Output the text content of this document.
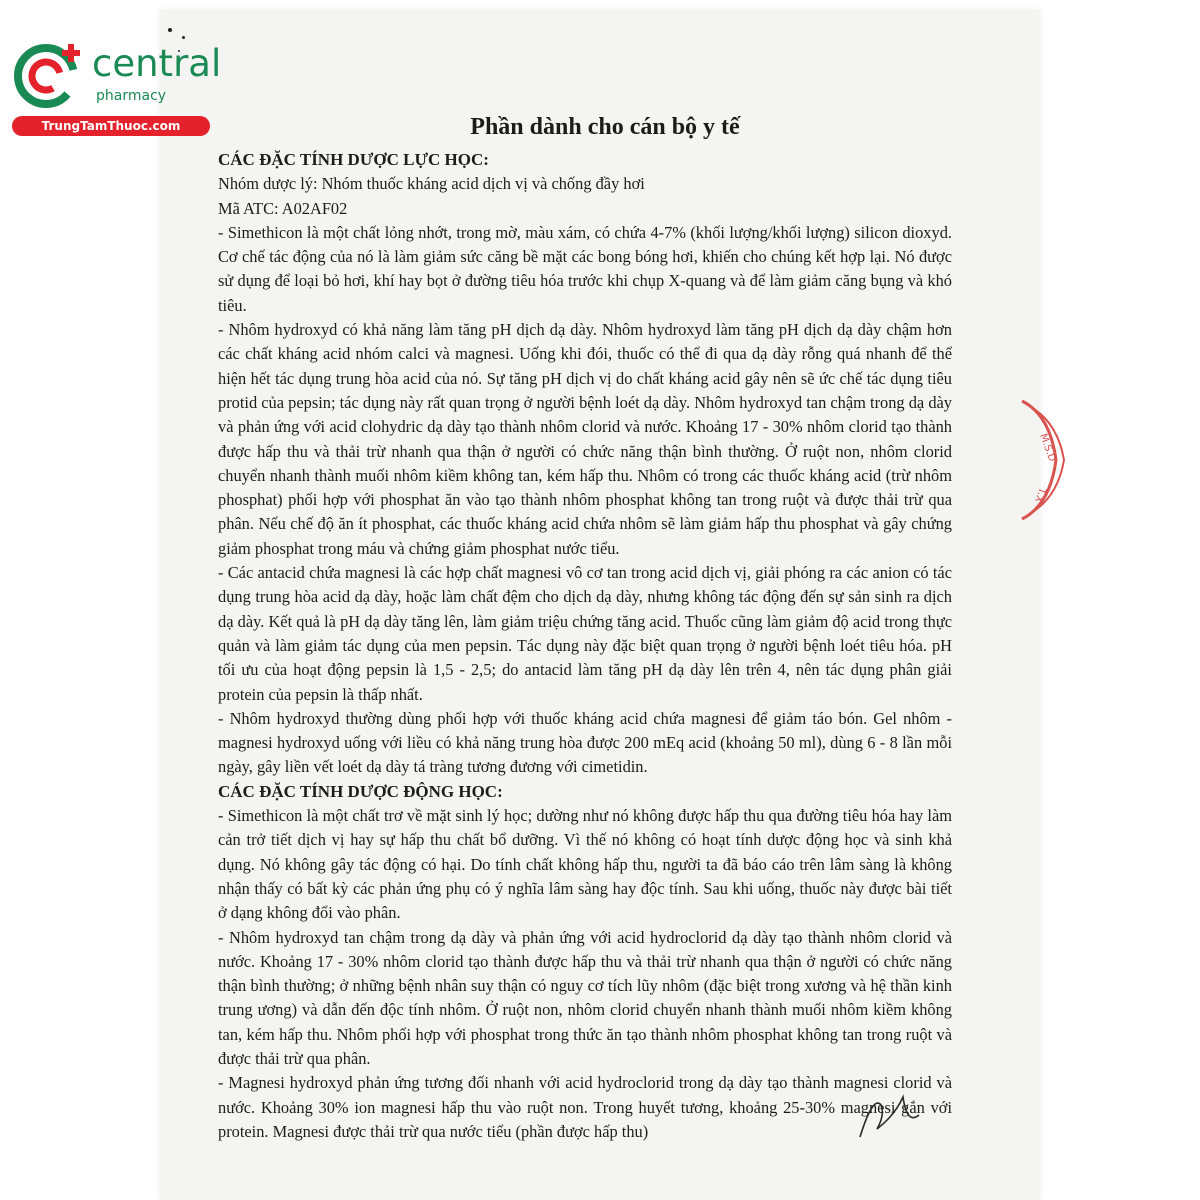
central
pharmacy
TrungTamThuoc.com
M.S.D
T.X
Phần dành cho cán bộ y tế
CÁC ĐẶC TÍNH DƯỢC LỰC HỌC:
Nhóm dược lý: Nhóm thuốc kháng acid dịch vị và chống đầy hơi
Mã ATC: A02AF02

- Simethicon là một chất lỏng nhớt, trong mờ, màu xám, có chứa 4-7% (khối lượng/khối lượng) silicon dioxyd. Cơ chế tác động của nó là làm giảm sức căng bề mặt các bong bóng hơi, khiến cho chúng kết hợp lại. Nó được sử dụng để loại bỏ hơi, khí hay bọt ở đường tiêu hóa trước khi chụp X-quang và để làm giảm căng bụng và khó tiêu.

- Nhôm hydroxyd có khả năng làm tăng pH dịch dạ dày. Nhôm hydroxyd làm tăng pH dịch dạ dày chậm hơn các chất kháng acid nhóm calci và magnesi. Uống khi đói, thuốc có thể đi qua dạ dày rỗng quá nhanh để thể hiện hết tác dụng trung hòa acid của nó. Sự tăng pH dịch vị do chất kháng acid gây nên sẽ ức chế tác dụng tiêu protid của pepsin; tác dụng này rất quan trọng ở người bệnh loét dạ dày. Nhôm hydroxyd tan chậm trong dạ dày và phản ứng với acid clohydric dạ dày tạo thành nhôm clorid và nước. Khoảng 17 - 30% nhôm clorid tạo thành được hấp thu và thải trừ nhanh qua thận ở người có chức năng thận bình thường. Ở ruột non, nhôm clorid chuyển nhanh thành muối nhôm kiềm không tan, kém hấp thu. Nhôm có trong các thuốc kháng acid (trừ nhôm phosphat) phối hợp với phosphat ăn vào tạo thành nhôm phosphat không tan trong ruột và được thải trừ qua phân. Nếu chế độ ăn ít phosphat, các thuốc kháng acid chứa nhôm sẽ làm giảm hấp thu phosphat và gây chứng giảm phosphat trong máu và chứng giảm phosphat nước tiểu.

- Các antacid chứa magnesi là các hợp chất magnesi vô cơ tan trong acid dịch vị, giải phóng ra các anion có tác dụng trung hòa acid dạ dày, hoặc làm chất đệm cho dịch dạ dày, nhưng không tác động đến sự sản sinh ra dịch dạ dày. Kết quả là pH dạ dày tăng lên, làm giảm triệu chứng tăng acid. Thuốc cũng làm giảm độ acid trong thực quản và làm giảm tác dụng của men pepsin. Tác dụng này đặc biệt quan trọng ở người bệnh loét tiêu hóa. pH tối ưu của hoạt động pepsin là 1,5 - 2,5; do antacid làm tăng pH dạ dày lên trên 4, nên tác dụng phân giải protein của pepsin là thấp nhất.

- Nhôm hydroxyd thường dùng phối hợp với thuốc kháng acid chứa magnesi để giảm táo bón. Gel nhôm - magnesi hydroxyd uống với liều có khả năng trung hòa được 200 mEq acid (khoảng 50 ml), dùng 6 - 8 lần mỗi ngày, gây liền vết loét dạ dày tá tràng tương đương với cimetidin.

CÁC ĐẶC TÍNH DƯỢC ĐỘNG HỌC:

- Simethicon là một chất trơ về mặt sinh lý học; dường như nó không được hấp thu qua đường tiêu hóa hay làm cản trở tiết dịch vị hay sự hấp thu chất bổ dưỡng. Vì thế nó không có hoạt tính dược động học và sinh khả dụng. Nó không gây tác động có hại. Do tính chất không hấp thu, người ta đã báo cáo trên lâm sàng là không nhận thấy có bất kỳ các phản ứng phụ có ý nghĩa lâm sàng hay độc tính. Sau khi uống, thuốc này được bài tiết ở dạng không đổi vào phân.

- Nhôm hydroxyd tan chậm trong dạ dày và phản ứng với acid hydroclorid dạ dày tạo thành nhôm clorid và nước. Khoảng 17 - 30% nhôm clorid tạo thành được hấp thu và thải trừ nhanh qua thận ở người có chức năng thận bình thường; ở những bệnh nhân suy thận có nguy cơ tích lũy nhôm (đặc biệt trong xương và hệ thần kinh trung ương) và dẫn đến độc tính nhôm. Ở ruột non, nhôm clorid chuyển nhanh thành muối nhôm kiềm không tan, kém hấp thu. Nhôm phối hợp với phosphat trong thức ăn tạo thành nhôm phosphat không tan trong ruột và được thải trừ qua phân.

- Magnesi hydroxyd phản ứng tương đối nhanh với acid hydroclorid trong dạ dày tạo thành magnesi clorid và nước. Khoảng 30% ion magnesi hấp thu vào ruột non. Trong huyết tương, khoảng 25-30% magnesi gắn với protein. Magnesi được thải trừ qua nước tiểu (phần được hấp thu)
